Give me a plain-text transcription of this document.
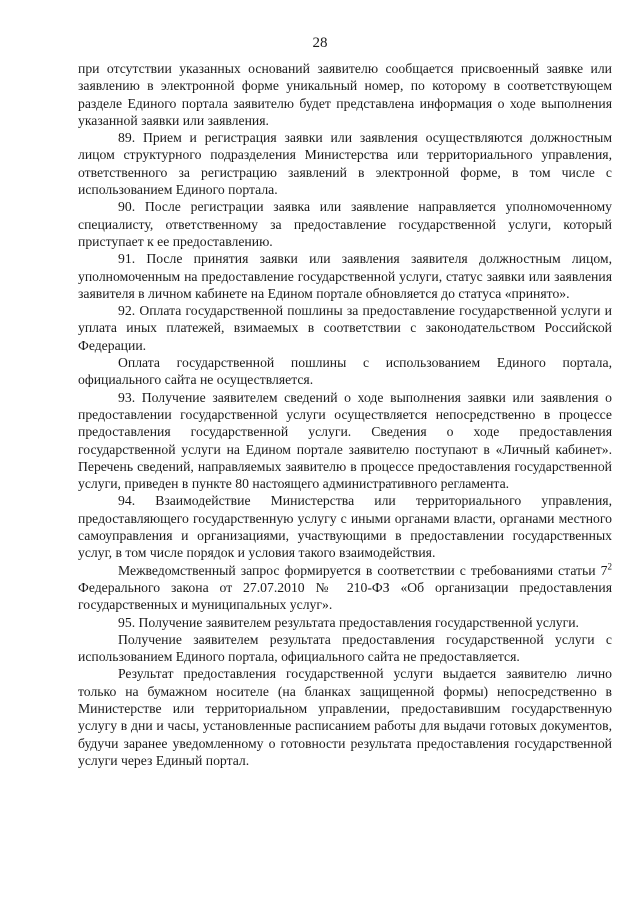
28

при отсутствии указанных оснований заявителю сообщается присвоенный заявке или заявлению в электронной форме уникальный номер, по которому в соответствующем разделе Единого портала заявителю будет представлена информация о ходе выполнения указанной заявки или заявления.

89. Прием и регистрация заявки или заявления осуществляются должностным лицом структурного подразделения Министерства или территориального управления, ответственного за регистрацию заявлений в электронной форме, в том числе с использованием Единого портала.

90. После регистрации заявка или заявление направляется уполномоченному специалисту, ответственному за предоставление государственной услуги, который приступает к ее предоставлению.

91. После принятия заявки или заявления заявителя должностным лицом, уполномоченным на предоставление государственной услуги, статус заявки или заявления заявителя в личном кабинете на Едином портале обновляется до статуса «принято».

92. Оплата государственной пошлины за предоставление государственной услуги и уплата иных платежей, взимаемых в соответствии с законодательством Российской Федерации.

Оплата государственной пошлины с использованием Единого портала, официального сайта не осуществляется.

93. Получение заявителем сведений о ходе выполнения заявки или заявления о предоставлении государственной услуги осуществляется непосредственно в процессе предоставления государственной услуги. Сведения о ходе предоставления государственной услуги на Едином портале заявителю поступают в «Личный кабинет». Перечень сведений, направляемых заявителю в процессе предоставления государственной услуги, приведен в пункте 80 настоящего административного регламента.

94. Взаимодействие Министерства или территориального управления, предоставляющего государственную услугу с иными органами власти, органами местного самоуправления и организациями, участвующими в предоставлении государственных услуг, в том числе порядок и условия такого взаимодействия.

Межведомственный запрос формируется в соответствии с требованиями статьи $7^2$ Федерального закона от 27.07.2010 № 210-ФЗ «Об организации предоставления государственных и муниципальных услуг».

95. Получение заявителем результата предоставления государственной услуги.

Получение заявителем результата предоставления государственной услуги с использованием Единого портала, официального сайта не предоставляется.

Результат предоставления государственной услуги выдается заявителю лично только на бумажном носителе (на бланках защищенной формы) непосредственно в Министерстве или территориальном управлении, предоставившим государственную услугу в дни и часы, установленные расписанием работы для выдачи готовых документов, будучи заранее уведомленному о готовности результата предоставления государственной услуги через Единый портал.
